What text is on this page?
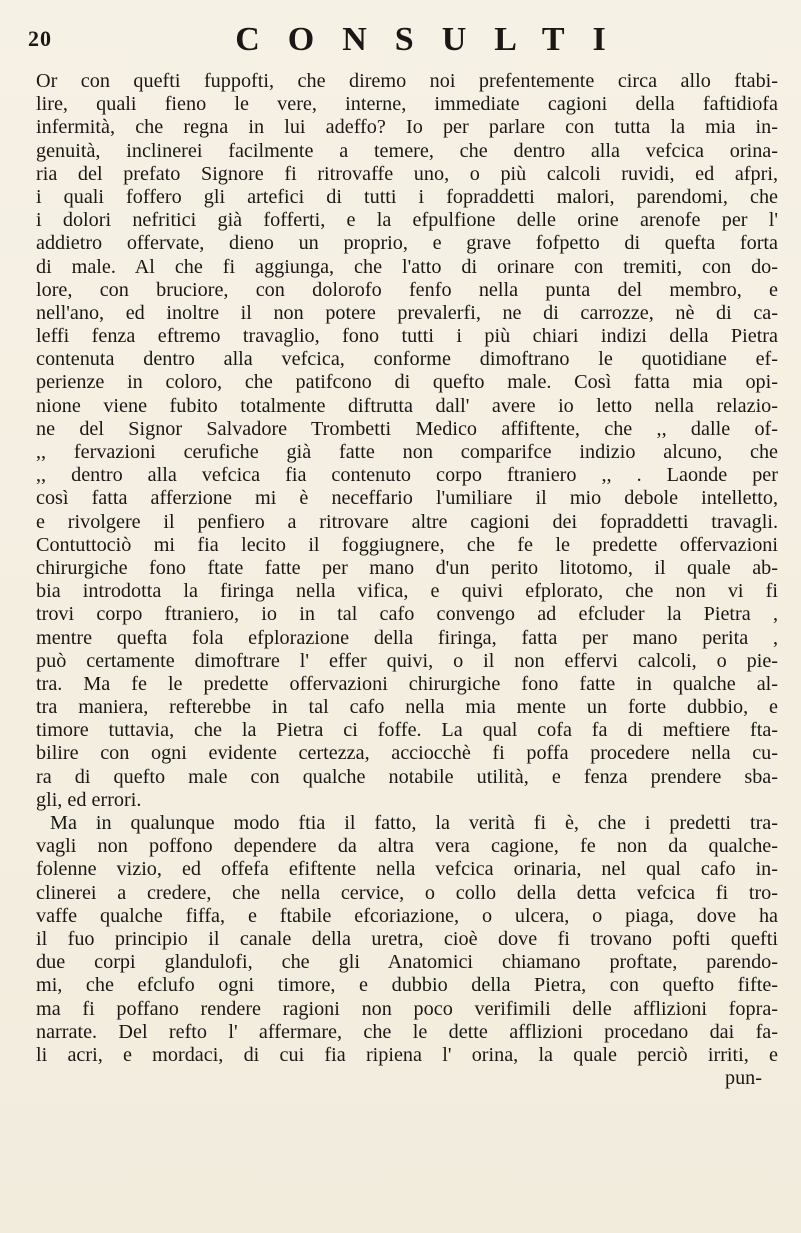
20	CONSULTI
Or con quefti fuppofti, che diremo noi prefentemente circa allo ftabi-
lire, quali fieno le vere, interne, immediate cagioni della faftidiofa
infermità, che regna in lui adeffo? Io per parlare con tutta la mia in-
genuità, inclinerei facilmente a temere, che dentro alla vefcica orina-
ria del prefato Signore fi ritrovaffe uno, o più calcoli ruvidi, ed afpri,
i quali foffero gli artefici di tutti i fopraddetti malori, parendomi, che
i dolori nefritici già fofferti, e la efpulfione delle orine arenofe per l'
addietro offervate, dieno un proprio, e grave fofpetto di quefta forta
di male. Al che fi aggiunga, che l'atto di orinare con tremiti, con do-
lore, con bruciore, con dolorofo fenfo nella punta del membro, e
nell'ano, ed inoltre il non potere prevalerfi, ne di carrozze, nè di ca-
leffi fenza eftremo travaglio, fono tutti i più chiari indizi della Pietra
contenuta dentro alla vefcica, conforme dimoftrano le quotidiane ef-
perienze in coloro, che patifcono di quefto male. Così fatta mia opi-
nione viene fubito totalmente diftrutta dall' avere io letto nella relazio-
ne del Signor Salvadore Trombetti Medico affiftente, che ,, dalle of-
,, fervazioni cerufiche già fatte non comparifce indizio alcuno, che
,, dentro alla vefcica fia contenuto corpo ftraniero ,, . Laonde per
così fatta afferzione mi è neceffario l'umiliare il mio debole intelletto,
e rivolgere il penfiero a ritrovare altre cagioni dei fopraddetti travagli.
Contuttociò mi fia lecito il foggiugnere, che fe le predette offervazioni
chirurgiche fono ftate fatte per mano d'un perito litotomo, il quale ab-
bia introdotta la firinga nella vifica, e quivi efplorato, che non vi fi
trovi corpo ftraniero, io in tal cafo convengo ad efcluder la Pietra ,
mentre quefta fola efplorazione della firinga, fatta per mano perita ,
può certamente dimoftrare l' effer quivi, o il non effervi calcoli, o pie-
tra. Ma fe le predette offervazioni chirurgiche fono fatte in qualche al-
tra maniera, refterebbe in tal cafo nella mia mente un forte dubbio, e
timore tuttavia, che la Pietra ci foffe. La qual cofa fa di meftiere fta-
bilire con ogni evidente certezza, acciocchè fi poffa procedere nella cu-
ra di quefto male con qualche notabile utilità, e fenza prendere sba-
gli, ed errori.
Ma in qualunque modo ftia il fatto, la verità fi è, che i predetti tra-
vagli non poffono dependere da altra vera cagione, fe non da qualche-
folenne vizio, ed offefa efiftente nella vefcica orinaria, nel qual cafo in-
clinerei a credere, che nella cervice, o collo della detta vefcica fi tro-
vaffe qualche fiffa, e ftabile efcoriazione, o ulcera, o piaga, dove ha
il fuo principio il canale della uretra, cioè dove fi trovano pofti quefti
due corpi glandulofi, che gli Anatomici chiamano proftate, parendo-
mi, che efclufo ogni timore, e dubbio della Pietra, con quefto fifte-
ma fi poffano rendere ragioni non poco verifimili delle afflizioni fopra-
narrate. Del refto l' affermare, che le dette afflizioni procedano dai fa-
li acri, e mordaci, di cui fia ripiena l' orina, la quale perciò irriti, e
pun-
